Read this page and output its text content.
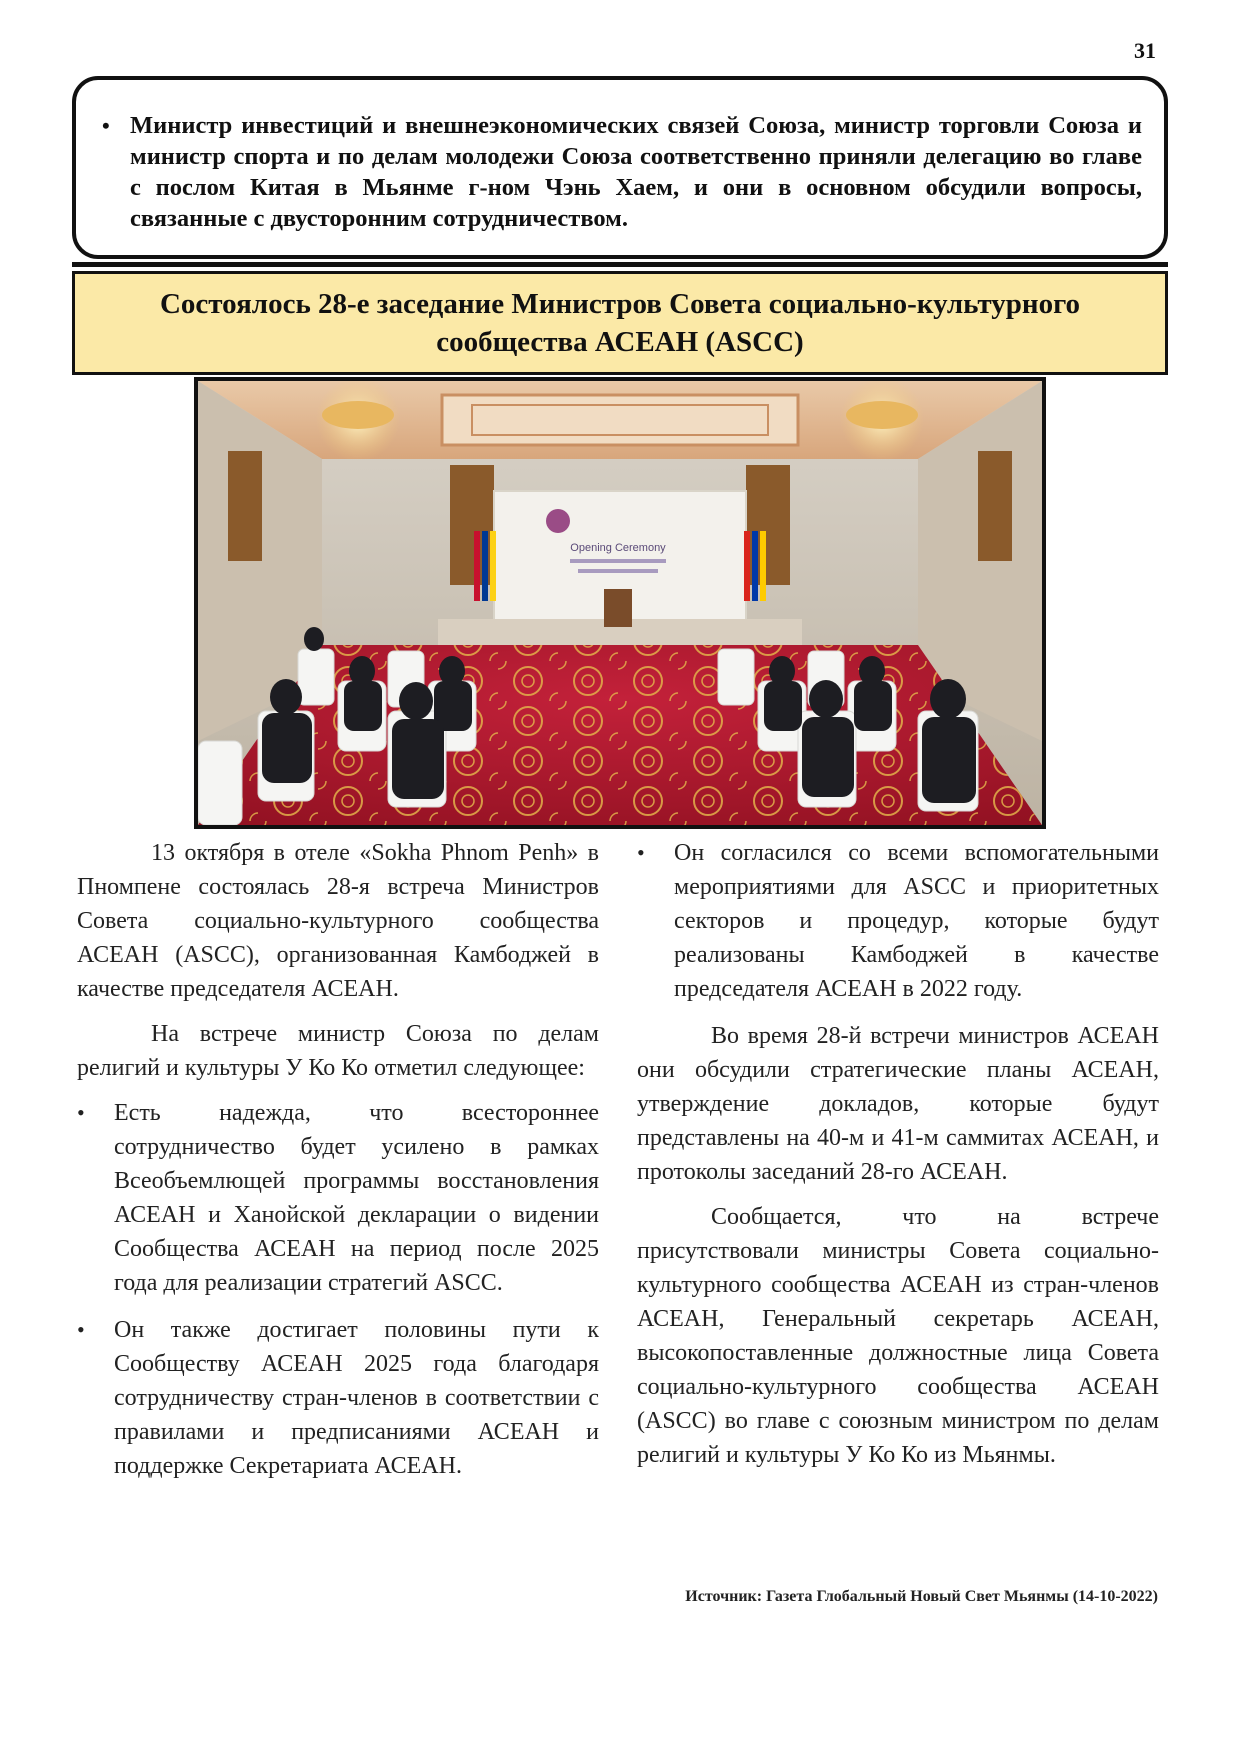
31
• Министр инвестиций и внешнеэкономических связей Союза, министр торговли Союза и министр спорта и по делам молодежи Союза соответственно приняли делегацию во главе с послом Китая в Мьянме г-ном Чэнь Хаем, и они в основном обсудили вопросы, связанные с двусторонним сотрудничеством.
Состоялось 28-е заседание Министров Совета социально-культурного сообщества АСЕАН (ASCC)
Opening Ceremony

13 октября в отеле «Sokha Phnom Penh» в Пномпене состоялась 28-я встреча Министров Совета социально-культурного сообщества АСЕАН (ASCC), организованная Камбоджей в качестве председателя АСЕАН.

На встрече министр Союза по делам религий и культуры У Ко Ко отметил следующее:

• Есть надежда, что всестороннее сотрудничество будет усилено в рамках Всеобъемлющей программы восстановления АСЕАН и Ханойской декларации о видении Сообщества АСЕАН на период после 2025 года для реализации стратегий ASCC.
• Он также достигает половины пути к Сообществу АСЕАН 2025 года благодаря сотрудничеству стран-членов в соответствии с правилами и предписаниями АСЕАН и поддержке Секретариата АСЕАН.
• Он согласился со всеми вспомогательными мероприятиями для ASCC и приоритетных секторов и процедур, которые будут реализованы Камбоджей в качестве председателя АСЕАН в 2022 году.

Во время 28-й встречи министров АСЕАН они обсудили стратегические планы АСЕАН, утверждение докладов, которые будут представлены на 40-м и 41-м саммитах АСЕАН, и протоколы заседаний 28-го АСЕАН.

Сообщается, что на встрече присутствовали министры Совета социально-культурного сообщества АСЕАН из стран-членов АСЕАН, Генеральный секретарь АСЕАН, высокопоставленные должностные лица Совета социально-культурного сообщества АСЕАН (ASCC) во главе с союзным министром по делам религий и культуры У Ко Ко из Мьянмы.

Источник: Газета Глобальный Новый Свет Мьянмы (14-10-2022)
